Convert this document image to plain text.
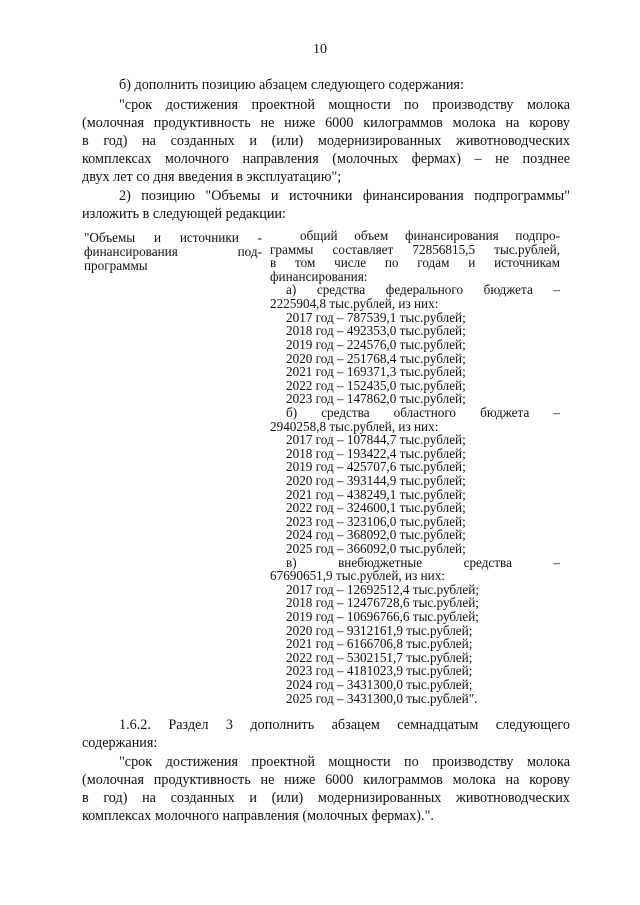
10
б) дополнить позицию абзацем следующего содержания:
"срок достижения проектной мощности по производству молока
(молочная продуктивность не ниже 6000 килограммов молока на корову
в год) на созданных и (или) модернизированных животноводческих
комплексах молочного направления (молочных фермах) – не позднее
двух лет со дня введения в эксплуатацию";
2) позицию "Объемы и источники финансирования подпрограммы"
изложить в следующей редакции:
"Объемы и источники -
финансирования под-
программы
общий объем финансирования подпро-
граммы составляет 72856815,5 тыс.рублей,
в том числе по годам и источникам
финансирования:
а) средства федерального бюджета –
2225904,8 тыс.рублей, из них:
2017 год – 787539,1 тыс.рублей;
2018 год – 492353,0 тыс.рублей;
2019 год – 224576,0 тыс.рублей;
2020 год – 251768,4 тыс.рублей;
2021 год – 169371,3 тыс.рублей;
2022 год – 152435,0 тыс.рублей;
2023 год – 147862,0 тыс.рублей;
б) средства областного бюджета –
2940258,8 тыс.рублей, из них:
2017 год – 107844,7 тыс.рублей;
2018 год – 193422,4 тыс.рублей;
2019 год – 425707,6 тыс.рублей;
2020 год – 393144,9 тыс.рублей;
2021 год – 438249,1 тыс.рублей;
2022 год – 324600,1 тыс.рублей;
2023 год – 323106,0 тыс.рублей;
2024 год – 368092,0 тыс.рублей;
2025 год – 366092,0 тыс.рублей;
в) внебюджетные средства –
67690651,9 тыс.рублей, из них:
2017 год – 12692512,4 тыс.рублей;
2018 год – 12476728,6 тыс.рублей;
2019 год – 10696766,6 тыс.рублей;
2020 год – 9312161,9 тыс.рублей;
2021 год – 6166706,8 тыс.рублей;
2022 год – 5302151,7 тыс.рублей;
2023 год – 4181023,9 тыс.рублей;
2024 год – 3431300,0 тыс.рублей;
2025 год – 3431300,0 тыс.рублей".
1.6.2. Раздел 3 дополнить абзацем семнадцатым следующего
содержания:
"срок достижения проектной мощности по производству молока
(молочная продуктивность не ниже 6000 килограммов молока на корову
в год) на созданных и (или) модернизированных животноводческих
комплексах молочного направления (молочных фермах).".
